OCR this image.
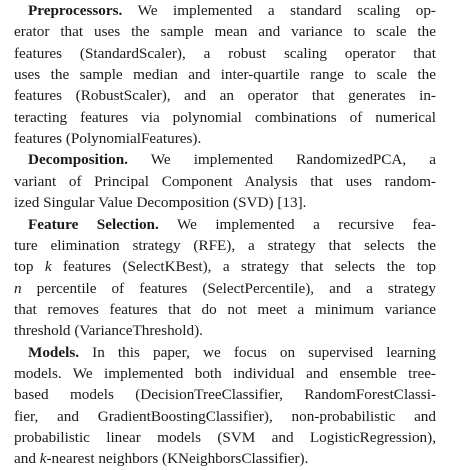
Preprocessors. We implemented a standard scaling op-
erator that uses the sample mean and variance to scale the
features (StandardScaler), a robust scaling operator that
uses the sample median and inter-quartile range to scale the
features (RobustScaler), and an operator that generates in-
teracting features via polynomial combinations of numerical
features (PolynomialFeatures).
Decomposition. We implemented RandomizedPCA, a
variant of Principal Component Analysis that uses random-
ized Singular Value Decomposition (SVD) [13].
Feature Selection. We implemented a recursive fea-
ture elimination strategy (RFE), a strategy that selects the
top k features (SelectKBest), a strategy that selects the top
n percentile of features (SelectPercentile), and a strategy
that removes features that do not meet a minimum variance
threshold (VarianceThreshold).
Models. In this paper, we focus on supervised learning
models. We implemented both individual and ensemble tree-
based models (DecisionTreeClassifier, RandomForestClassi-
fier, and GradientBoostingClassifier), non-probabilistic and
probabilistic linear models (SVM and LogisticRegression),
and k-nearest neighbors (KNeighborsClassifier).
